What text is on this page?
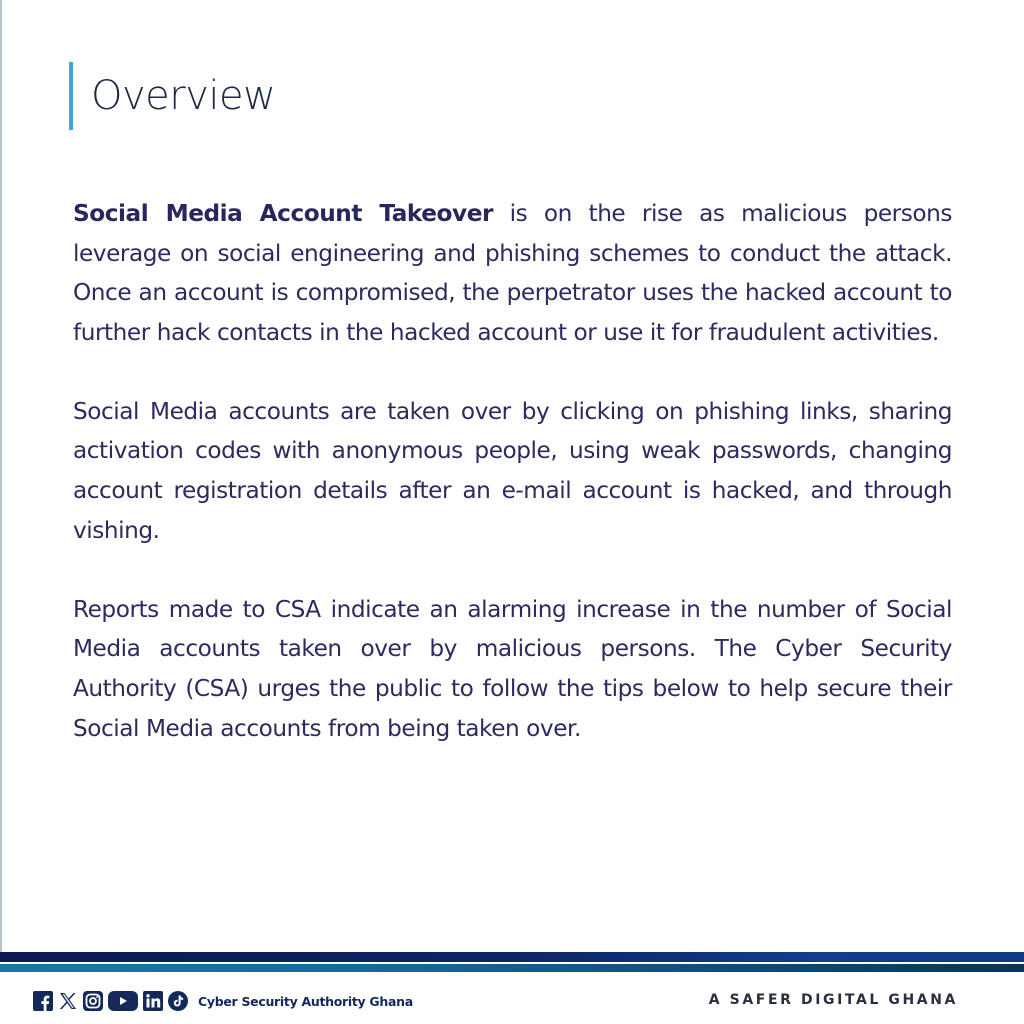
Overview

Social Media Account Takeover is on the rise as malicious persons leverage on social engineering and phishing schemes to conduct the attack. Once an account is compromised, the perpetrator uses the hacked account to further hack contacts in the hacked account or use it for fraudulent activities.

Social Media accounts are taken over by clicking on phishing links, sharing activation codes with anonymous people, using weak passwords, changing account registration details after an e-mail account is hacked, and through vishing.

Reports made to CSA indicate an alarming increase in the number of Social Media accounts taken over by malicious persons. The Cyber Security Authority (CSA) urges the public to follow the tips below to help secure their Social Media accounts from being taken over.

Cyber Security Authority Ghana	A SAFER DIGITAL GHANA
